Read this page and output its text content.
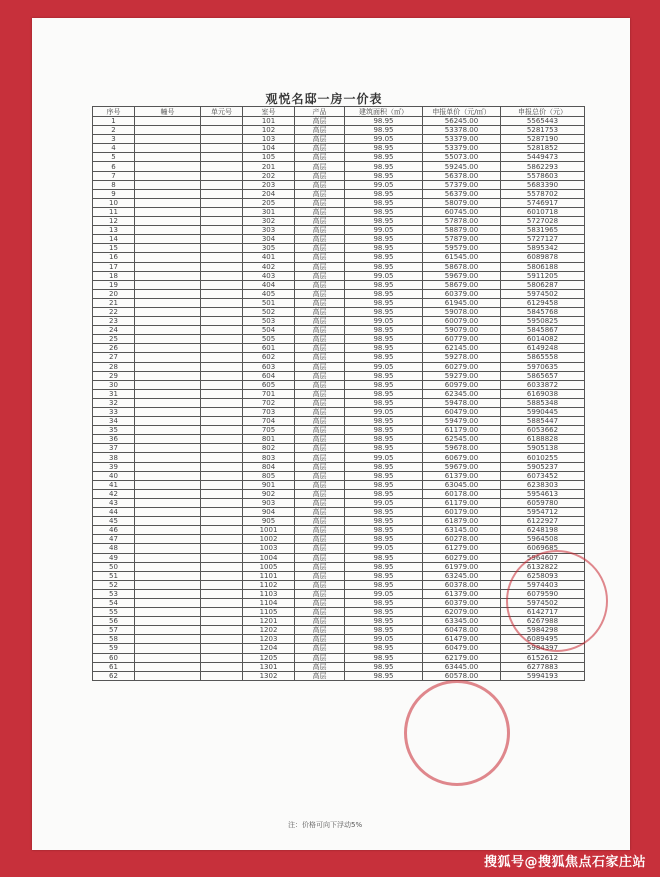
观悦名邸一房一价表
序号	幢号	单元号	室号	产品	建筑面积（㎡）	申报单价（元/㎡）	申报总价（元）
1			101	高层	98.95	56245.00	5565443
2			102	高层	98.95	53378.00	5281753
3			103	高层	99.05	53379.00	5287190
4			104	高层	98.95	53379.00	5281852
5			105	高层	98.95	55073.00	5449473
6			201	高层	98.95	59245.00	5862293
7			202	高层	98.95	56378.00	5578603
8			203	高层	99.05	57379.00	5683390
9			204	高层	98.95	56379.00	5578702
10			205	高层	98.95	58079.00	5746917
11			301	高层	98.95	60745.00	6010718
12			302	高层	98.95	57878.00	5727028
13			303	高层	99.05	58879.00	5831965
14			304	高层	98.95	57879.00	5727127
15			305	高层	98.95	59579.00	5895342
16			401	高层	98.95	61545.00	6089878
17			402	高层	98.95	58678.00	5806188
18			403	高层	99.05	59679.00	5911205
19			404	高层	98.95	58679.00	5806287
20			405	高层	98.95	60379.00	5974502
21			501	高层	98.95	61945.00	6129458
22			502	高层	98.95	59078.00	5845768
23			503	高层	99.05	60079.00	5950825
24			504	高层	98.95	59079.00	5845867
25			505	高层	98.95	60779.00	6014082
26			601	高层	98.95	62145.00	6149248
27			602	高层	98.95	59278.00	5865558
28			603	高层	99.05	60279.00	5970635
29			604	高层	98.95	59279.00	5865657
30			605	高层	98.95	60979.00	6033872
31			701	高层	98.95	62345.00	6169038
32			702	高层	98.95	59478.00	5885348
33			703	高层	99.05	60479.00	5990445
34			704	高层	98.95	59479.00	5885447
35			705	高层	98.95	61179.00	6053662
36			801	高层	98.95	62545.00	6188828
37			802	高层	98.95	59678.00	5905138
38			803	高层	99.05	60679.00	6010255
39			804	高层	98.95	59679.00	5905237
40			805	高层	98.95	61379.00	6073452
41			901	高层	98.95	63045.00	6238303
42			902	高层	98.95	60178.00	5954613
43			903	高层	99.05	61179.00	6059780
44			904	高层	98.95	60179.00	5954712
45			905	高层	98.95	61879.00	6122927
46			1001	高层	98.95	63145.00	6248198
47			1002	高层	98.95	60278.00	5964508
48			1003	高层	99.05	61279.00	6069685
49			1004	高层	98.95	60279.00	5964607
50			1005	高层	98.95	61979.00	6132822
51			1101	高层	98.95	63245.00	6258093
52			1102	高层	98.95	60378.00	5974403
53			1103	高层	99.05	61379.00	6079590
54			1104	高层	98.95	60379.00	5974502
55			1105	高层	98.95	62079.00	6142717
56			1201	高层	98.95	63345.00	6267988
57			1202	高层	98.95	60478.00	5984298
58			1203	高层	99.05	61479.00	6089495
59			1204	高层	98.95	60479.00	5984397
60			1205	高层	98.95	62179.00	6152612
61			1301	高层	98.95	63445.00	6277883
62			1302	高层	98.95	60578.00	5994193
注：价格可向下浮动5%
搜狐号@搜狐焦点石家庄站
